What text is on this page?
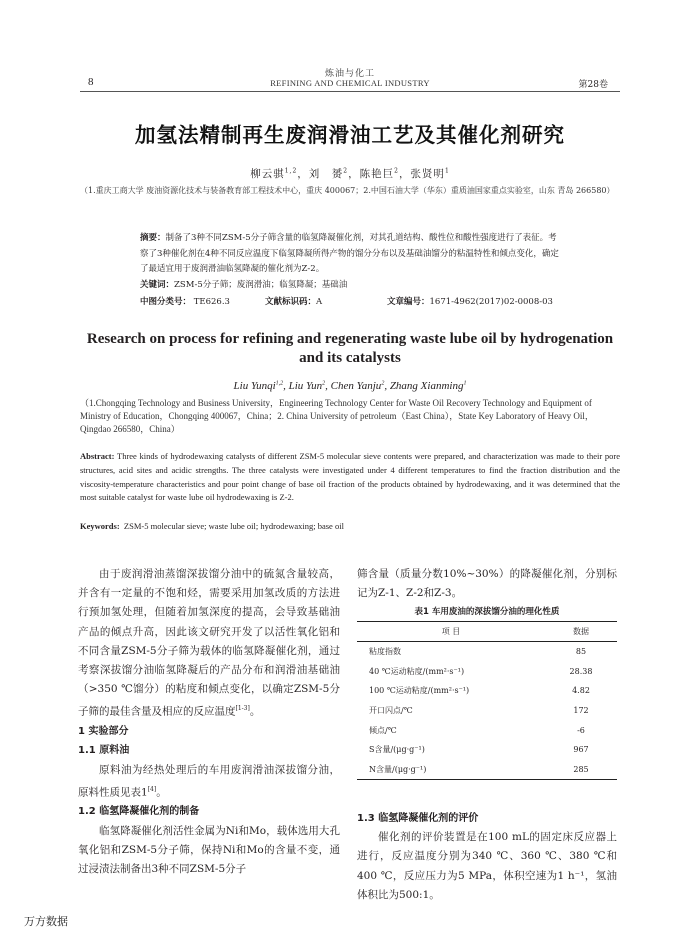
炼油与化工
REFINING AND CHEMICAL INDUSTRY
8	第28卷
加氢法精制再生废润滑油工艺及其催化剂研究
柳云骐$^{1,2}$，刘　赟$^2$，陈艳巨$^2$，张贤明$^1$
（1.重庆工商大学 废油资源化技术与装备教育部工程技术中心，重庆 400067；2.中国石油大学（华东）重质油国家重点实验室，山东 青岛 266580）
摘要：制备了3种不同ZSM-5分子筛含量的临氢降凝催化剂，对其孔道结构、酸性位和酸性强度进行了表征。考察了3种催化剂在4种不同反应温度下临氢降凝所得产物的馏分分布以及基础油馏分的粘温特性和倾点变化，确定了最适宜用于废润滑油临氢降凝的催化剂为Z-2。
关键词：ZSM-5分子筛；废润滑油；临氢降凝；基础油
中图分类号： TE626.3	文献标识码：A	文章编号：1671-4962(2017)02-0008-03
Research on process for refining and regenerating waste lube oil by hydrogenation and its catalysts
Liu Yunqi$^{1,2}$, Liu Yun$^2$, Chen Yanju$^2$, Zhang Xianming$^1$
（1.Chongqing Technology and Business University，Engineering Technology Center for Waste Oil Recovery Technology and Equipment of Ministry of Education，Chongqing 400067，China；2. China University of petroleum（East China），State Key Laboratory of Heavy Oil，Qingdao 266580，China）
Abstract: Three kinds of hydrodewaxing catalysts of different ZSM-5 molecular sieve contents were prepared, and characterization was made to their pore structures, acid sites and acidic strengths. The three catalysts were investigated under 4 different temperatures to find the fraction distribution and the viscosity-temperature characteristics and pour point change of base oil fraction of the products obtained by hydrodewaxing, and it was determined that the most suitable catalyst for waste lube oil hydrodewaxing is Z-2.
Keywords: ZSM-5 molecular sieve; waste lube oil; hydrodewaxing; base oil

由于废润滑油蒸馏深拔馏分油中的硫氮含量较高，并含有一定量的不饱和烃，需要采用加氢改质的方法进行预加氢处理，但随着加氢深度的提高，会导致基础油产品的倾点升高，因此该文研究开发了以活性氧化铝和不同含量ZSM-5分子筛为载体的临氢降凝催化剂，通过考察深拔馏分油临氢降凝后的产品分布和润滑油基础油（>350 ℃馏分）的粘度和倾点变化，以确定ZSM-5分子筛的最佳含量及相应的反应温度[1-3]。

1 实验部分

1.1 原料油

原料油为经热处理后的车用废润滑油深拔馏分油，原料性质见表1[4]。

1.2 临氢降凝催化剂的制备

临氢降凝催化剂活性金属为Ni和Mo，载体选用大孔氧化铝和ZSM-5分子筛，保持Ni和Mo的含量不变，通过浸渍法制备出3种不同ZSM-5分子

筛含量（质量分数10%~30%）的降凝催化剂，分别标记为Z-1、Z-2和Z-3。

表1 车用废油的深拔馏分油的理化性质
项 目	数据
粘度指数	85
40 ℃运动粘度/(mm²·s⁻¹)	28.38
100 ℃运动粘度/(mm²·s⁻¹)	4.82
开口闪点/℃	172
倾点/℃	-6
S含量/(μg·g⁻¹)	967
N含量/(μg·g⁻¹)	285

1.3 临氢降凝催化剂的评价

催化剂的评价装置是在100 mL的固定床反应器上进行，反应温度分别为340 ℃、360 ℃、380 ℃和400 ℃，反应压力为5 MPa，体积空速为1 h⁻¹，氢油体积比为500:1。

万方数据
